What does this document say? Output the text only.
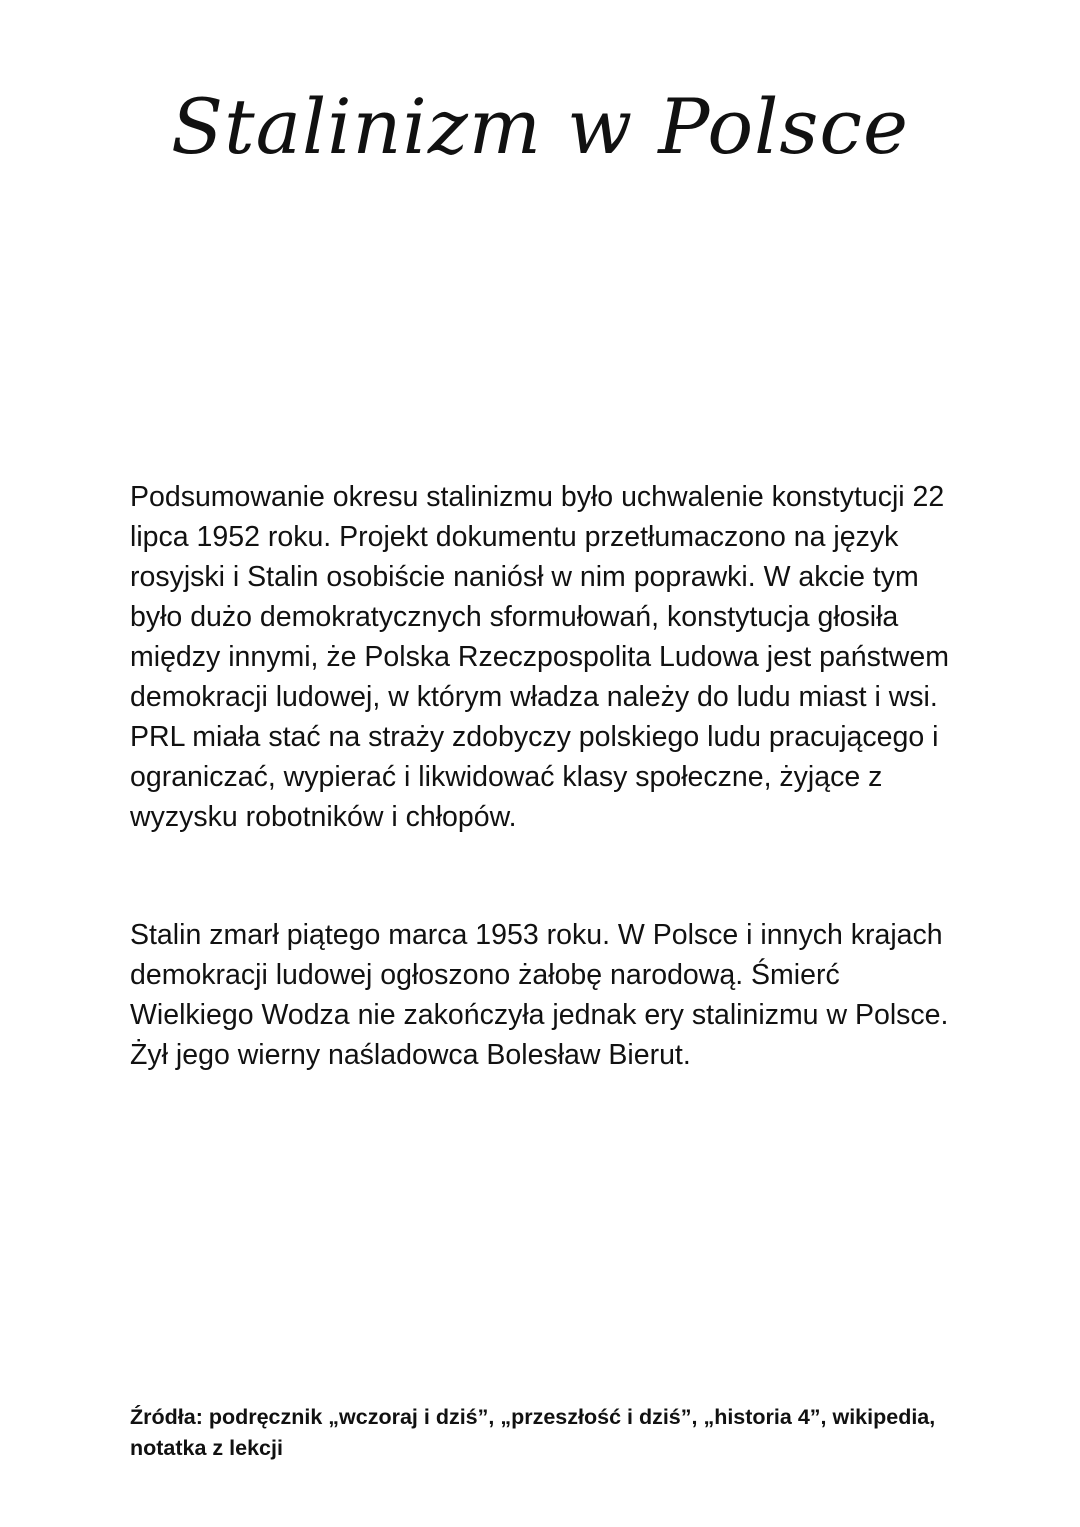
Stalinizm w Polsce

Podsumowanie okresu stalinizmu było uchwalenie konstytucji 22 lipca 1952 roku. Projekt dokumentu przetłumaczono na język rosyjski i Stalin osobiście naniósł w nim poprawki. W akcie tym było dużo demokratycznych sformułowań, konstytucja głosiła między innymi, że Polska Rzeczpospolita Ludowa jest państwem demokracji ludowej, w którym władza należy do ludu miast i wsi. PRL miała stać na straży zdobyczy polskiego ludu pracującego i ograniczać, wypierać i likwidować klasy społeczne, żyjące z wyzysku robotników i chłopów.

Stalin zmarł piątego marca 1953 roku. W Polsce i innych krajach demokracji ludowej ogłoszono żałobę narodową. Śmierć Wielkiego Wodza nie zakończyła jednak ery stalinizmu w Polsce. Żył jego wierny naśladowca Bolesław Bierut.

Źródła: podręcznik „wczoraj i dziś”, „przeszłość i dziś”, „historia 4”, wikipedia, notatka z lekcji
